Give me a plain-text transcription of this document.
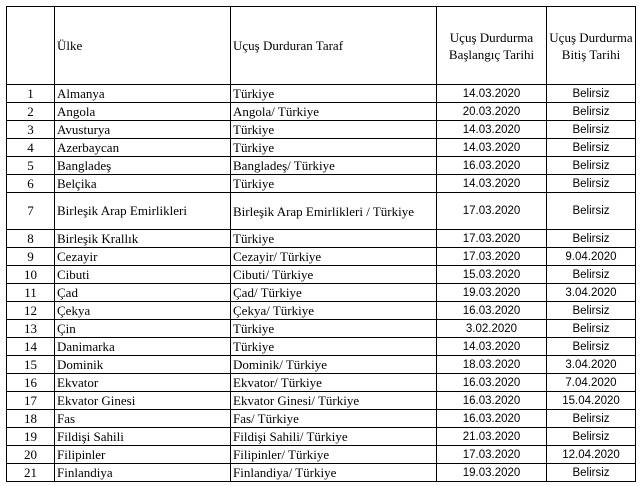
	Ülke	Uçuş Durduran Taraf	Uçuş Durdurma Başlangıç Tarihi	Uçuş Durdurma Bitiş Tarihi
1	Almanya	Türkiye	14.03.2020	Belirsiz
2	Angola	Angola/ Türkiye	20.03.2020	Belirsiz
3	Avusturya	Türkiye	14.03.2020	Belirsiz
4	Azerbaycan	Türkiye	14.03.2020	Belirsiz
5	Bangladeş	Bangladeş/ Türkiye	16.03.2020	Belirsiz
6	Belçika	Türkiye	14.03.2020	Belirsiz
7	Birleşik Arap Emirlikleri	Birleşik Arap Emirlikleri / Türkiye	17.03.2020	Belirsiz
8	Birleşik Krallık	Türkiye	17.03.2020	Belirsiz
9	Cezayir	Cezayir/ Türkiye	17.03.2020	9.04.2020
10	Cibuti	Cibuti/ Türkiye	15.03.2020	Belirsiz
11	Çad	Çad/ Türkiye	19.03.2020	3.04.2020
12	Çekya	Çekya/ Türkiye	16.03.2020	Belirsiz
13	Çin	Türkiye	3.02.2020	Belirsiz
14	Danimarka	Türkiye	14.03.2020	Belirsiz
15	Dominik	Dominik/ Türkiye	18.03.2020	3.04.2020
16	Ekvator	Ekvator/ Türkiye	16.03.2020	7.04.2020
17	Ekvator Ginesi	Ekvator Ginesi/ Türkiye	16.03.2020	15.04.2020
18	Fas	Fas/ Türkiye	16.03.2020	Belirsiz
19	Fildişi Sahili	Fildişi Sahili/ Türkiye	21.03.2020	Belirsiz
20	Filipinler	Filipinler/ Türkiye	17.03.2020	12.04.2020
21	Finlandiya	Finlandiya/ Türkiye	19.03.2020	Belirsiz
